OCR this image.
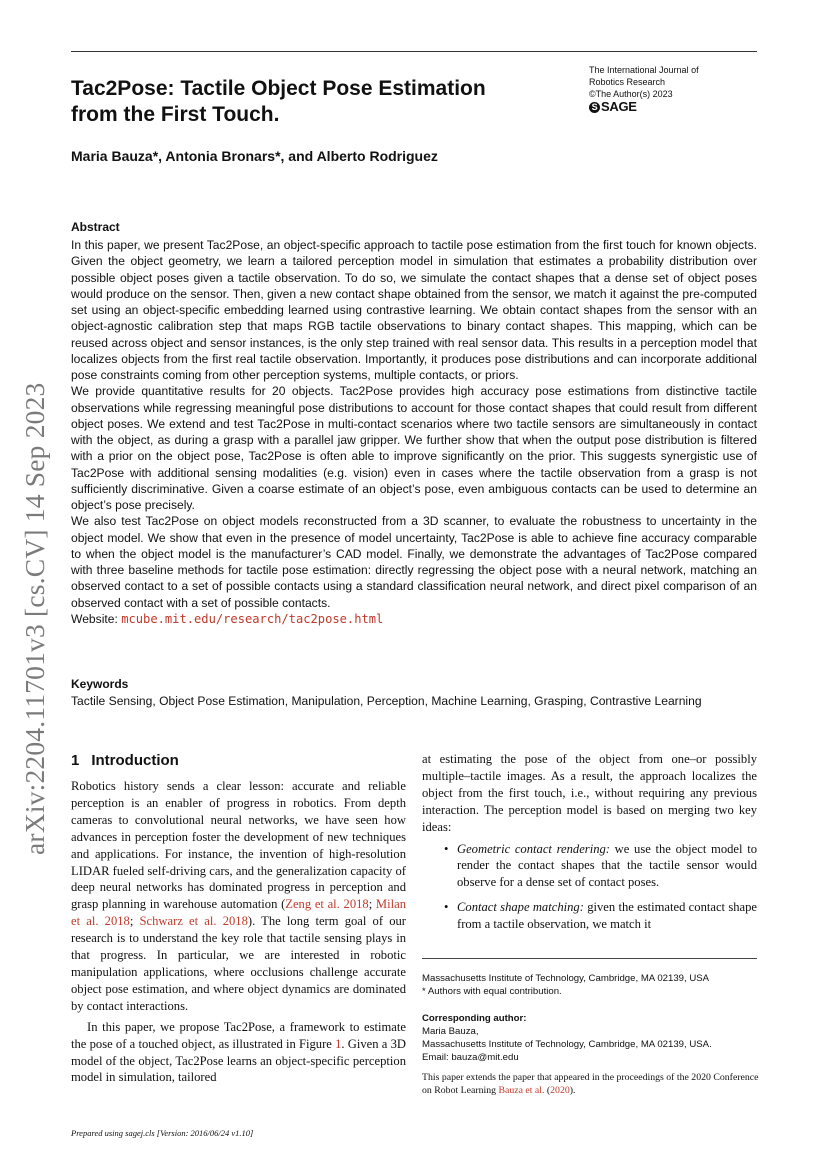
The International Journal of
Robotics Research
©The Author(s) 2023
S SAGE
Tac2Pose: Tactile Object Pose Estimation from the First Touch.
Maria Bauza*, Antonia Bronars*, and Alberto Rodriguez
arXiv:2204.11701v3 [cs.CV] 14 Sep 2023
Abstract

In this paper, we present Tac2Pose, an object-specific approach to tactile pose estimation from the first touch for known objects. Given the object geometry, we learn a tailored perception model in simulation that estimates a probability distribution over possible object poses given a tactile observation. To do so, we simulate the contact shapes that a dense set of object poses would produce on the sensor. Then, given a new contact shape obtained from the sensor, we match it against the pre-computed set using an object-specific embedding learned using contrastive learning. We obtain contact shapes from the sensor with an object-agnostic calibration step that maps RGB tactile observations to binary contact shapes. This mapping, which can be reused across object and sensor instances, is the only step trained with real sensor data. This results in a perception model that localizes objects from the first real tactile observation. Importantly, it produces pose distributions and can incorporate additional pose constraints coming from other perception systems, multiple contacts, or priors.

We provide quantitative results for 20 objects. Tac2Pose provides high accuracy pose estimations from distinctive tactile observations while regressing meaningful pose distributions to account for those contact shapes that could result from different object poses. We extend and test Tac2Pose in multi-contact scenarios where two tactile sensors are simultaneously in contact with the object, as during a grasp with a parallel jaw gripper. We further show that when the output pose distribution is filtered with a prior on the object pose, Tac2Pose is often able to improve significantly on the prior. This suggests synergistic use of Tac2Pose with additional sensing modalities (e.g. vision) even in cases where the tactile observation from a grasp is not sufficiently discriminative. Given a coarse estimate of an object’s pose, even ambiguous contacts can be used to determine an object’s pose precisely.

We also test Tac2Pose on object models reconstructed from a 3D scanner, to evaluate the robustness to uncertainty in the object model. We show that even in the presence of model uncertainty, Tac2Pose is able to achieve fine accuracy comparable to when the object model is the manufacturer’s CAD model. Finally, we demonstrate the advantages of Tac2Pose compared with three baseline methods for tactile pose estimation: directly regressing the object pose with a neural network, matching an observed contact to a set of possible contacts using a standard classification neural network, and direct pixel comparison of an observed contact with a set of possible contacts.

Website: mcube.mit.edu/research/tac2pose.html

Keywords
Tactile Sensing, Object Pose Estimation, Manipulation, Perception, Machine Learning, Grasping, Contrastive Learning
1 Introduction

Robotics history sends a clear lesson: accurate and reliable perception is an enabler of progress in robotics. From depth cameras to convolutional neural networks, we have seen how advances in perception foster the development of new techniques and applications. For instance, the invention of high-resolution LIDAR fueled self-driving cars, and the generalization capacity of deep neural networks has dominated progress in perception and grasp planning in warehouse automation (Zeng et al. 2018; Milan et al. 2018; Schwarz et al. 2018). The long term goal of our research is to understand the key role that tactile sensing plays in that progress. In particular, we are interested in robotic manipulation applications, where occlusions challenge accurate object pose estimation, and where object dynamics are dominated by contact interactions.

In this paper, we propose Tac2Pose, a framework to estimate the pose of a touched object, as illustrated in Figure 1. Given a 3D model of the object, Tac2Pose learns an object-specific perception model in simulation, tailored

at estimating the pose of the object from one–or possibly multiple–tactile images. As a result, the approach localizes the object from the first touch, i.e., without requiring any previous interaction. The perception model is based on merging two key ideas:

• Geometric contact rendering: we use the object model to render the contact shapes that the tactile sensor would observe for a dense set of contact poses.
• Contact shape matching: given the estimated contact shape from a tactile observation, we match it
Massachusetts Institute of Technology, Cambridge, MA 02139, USA
* Authors with equal contribution.
Corresponding author:
Maria Bauza,
Massachusetts Institute of Technology, Cambridge, MA 02139, USA.
Email: bauza@mit.edu
This paper extends the paper that appeared in the proceedings of the 2020 Conference on Robot Learning Bauza et al. (2020).
Prepared using sagej.cls [Version: 2016/06/24 v1.10]
